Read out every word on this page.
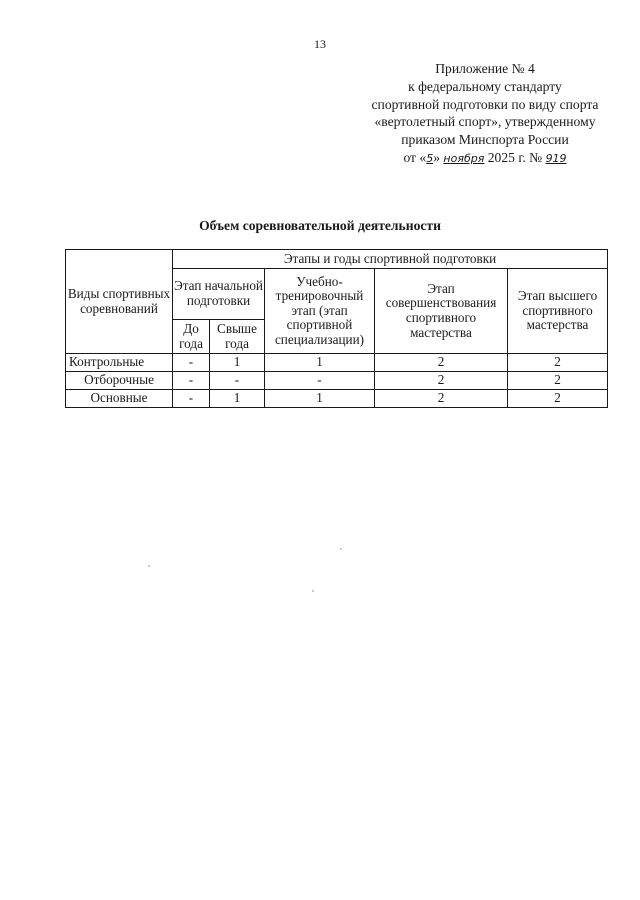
13
Приложение № 4
к федеральному стандарту
спортивной подготовки по виду спорта
«вертолетный спорт», утвержденному
приказом Минспорта России
от «5» ноября 2025 г. № 919
Объем соревновательной деятельности
Виды спортивных соревнований	Этапы и годы спортивной подготовки				
	Этап начальной подготовки		Учебно-тренировочный этап (этап спортивной специализации)	Этап совершенствования спортивного мастерства	Этап высшего спортивного мастерства
	До года	Свыше года			
Контрольные	-	1	1	2	2
Отборочные	-	-	-	2	2
Основные	-	1	1	2	2
